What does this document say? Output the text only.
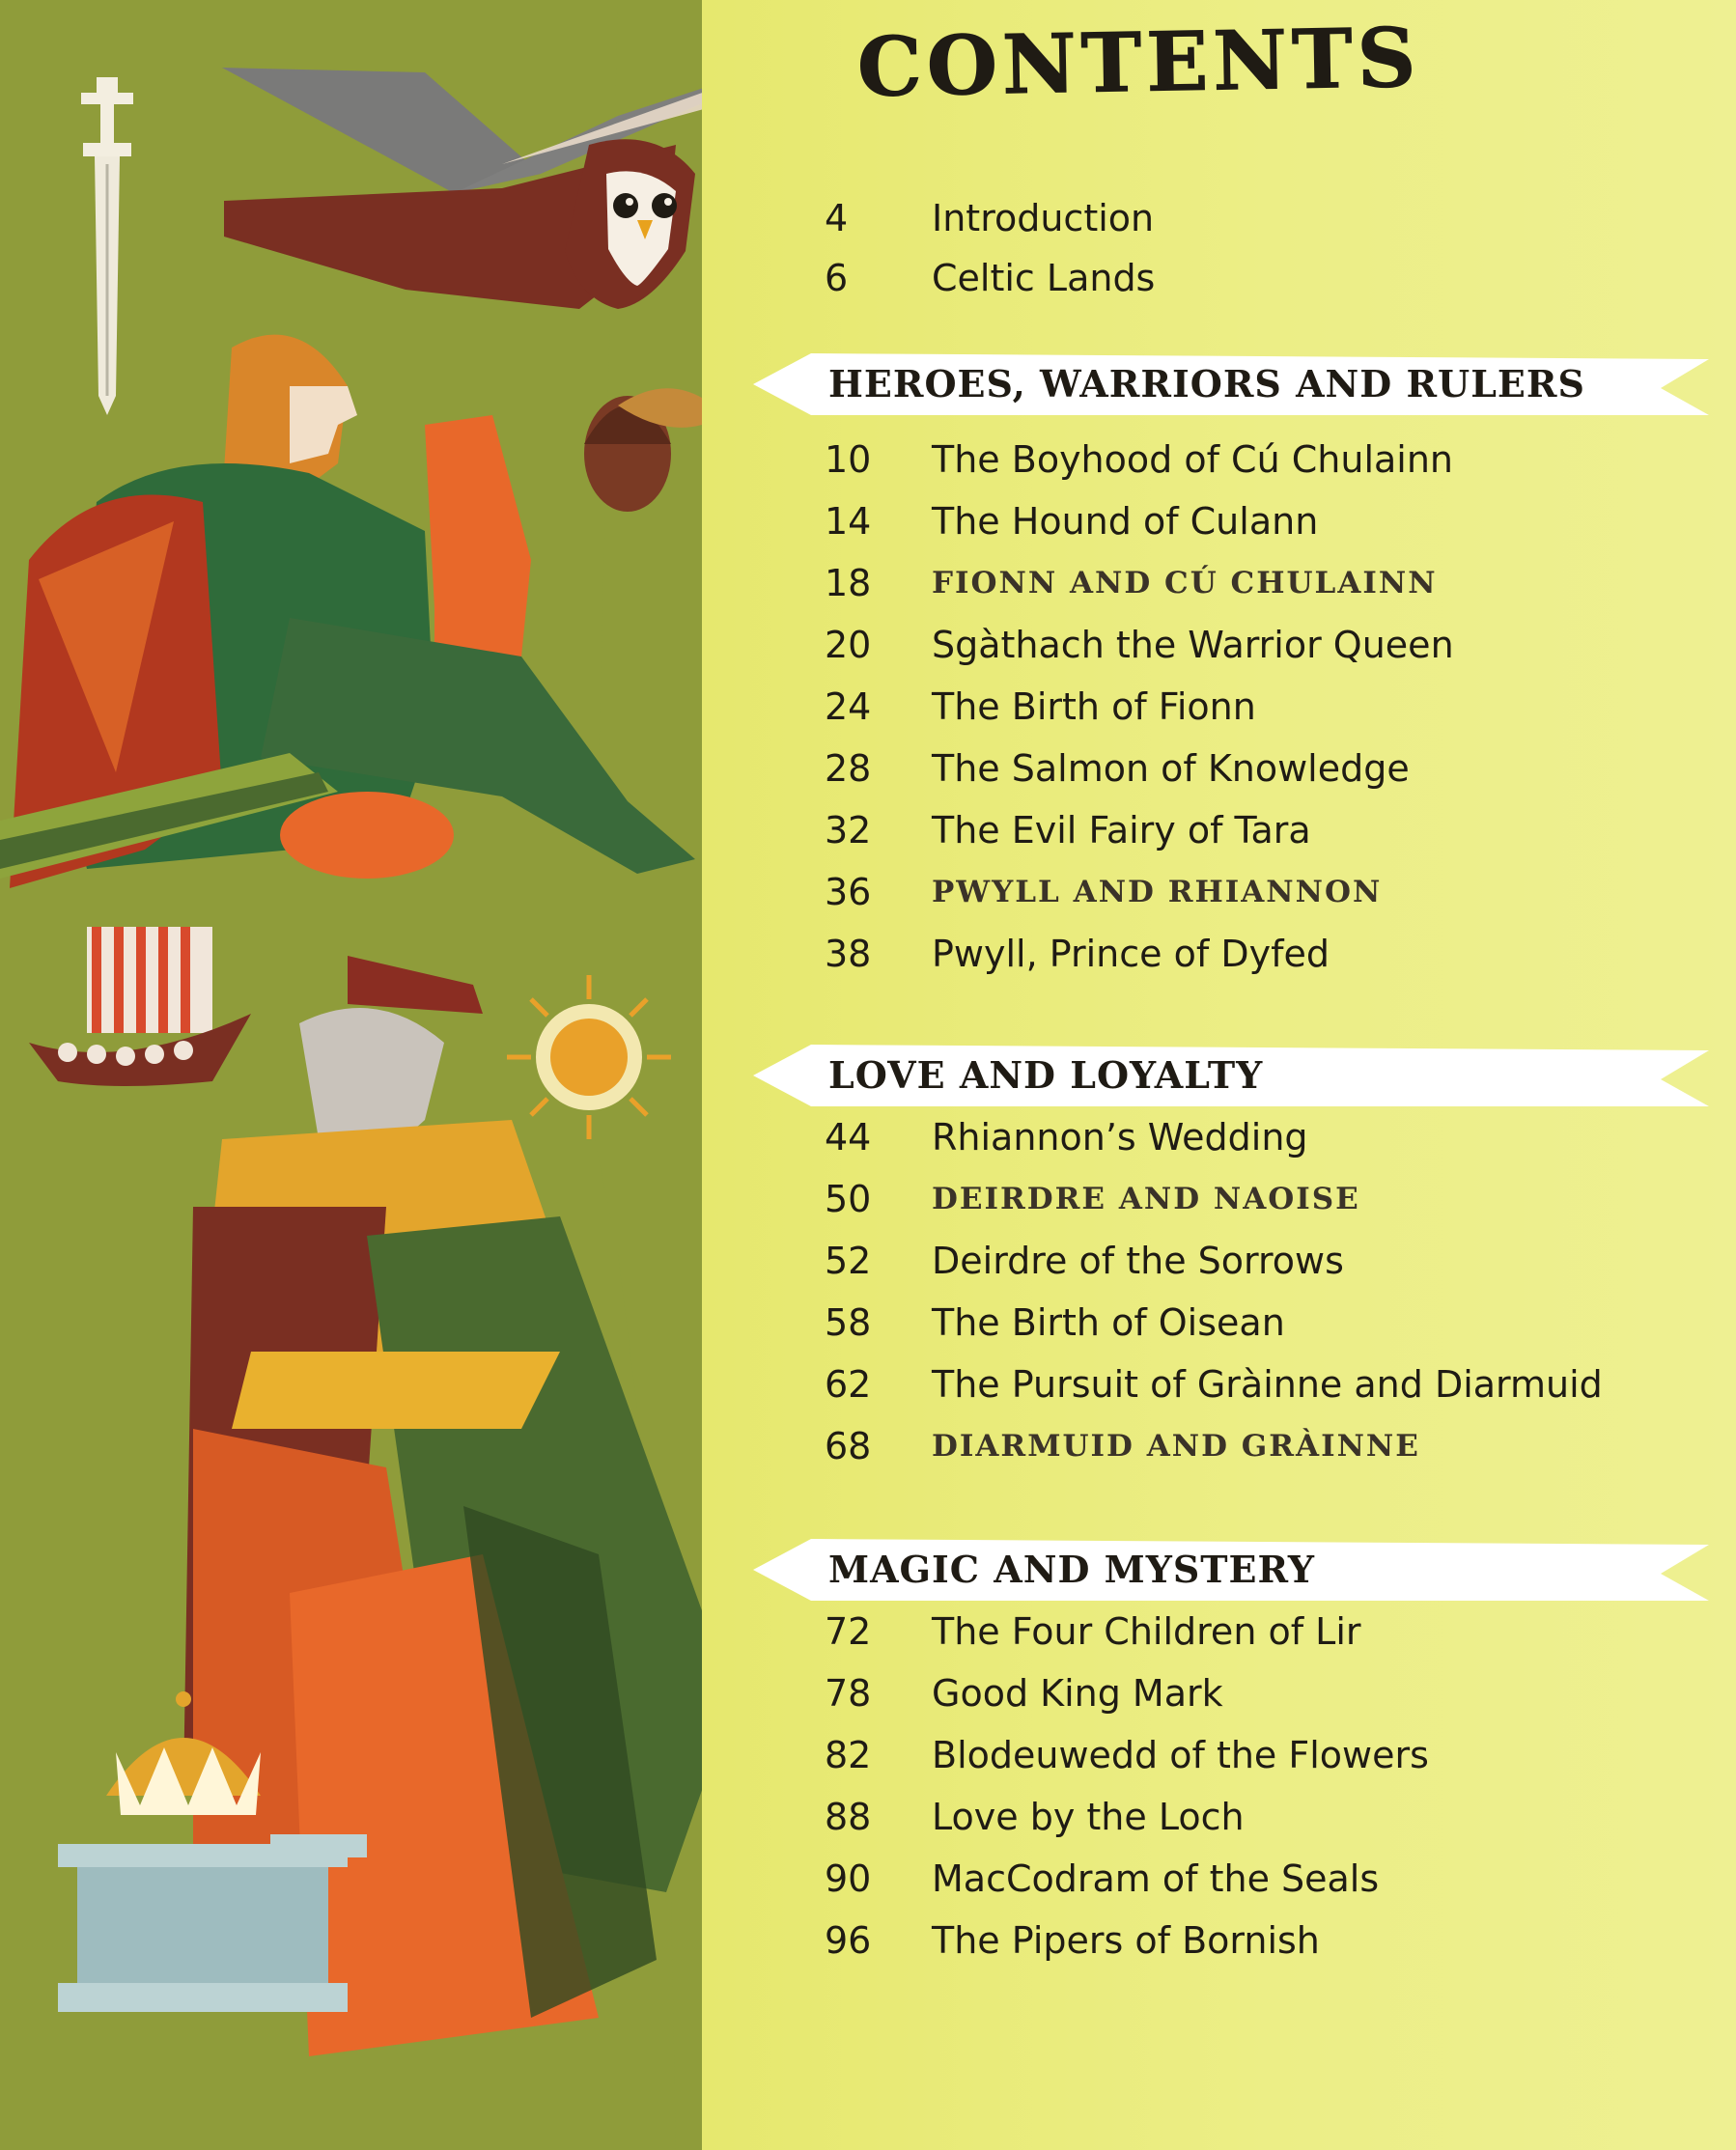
CONTENTS
4	Introduction
6	Celtic Lands
HEROES, WARRIORS AND RULERS
10	The Boyhood of Cú Chulainn
14	The Hound of Culann
18	FIONN AND CÚ CHULAINN
20	Sgàthach the Warrior Queen
24	The Birth of Fionn
28	The Salmon of Knowledge
32	The Evil Fairy of Tara
36	PWYLL AND RHIANNON
38	Pwyll, Prince of Dyfed
LOVE AND LOYALTY
44	Rhiannon’s Wedding
50	DEIRDRE AND NAOISE
52	Deirdre of the Sorrows
58	The Birth of Oisean
62	The Pursuit of Gràinne and Diarmuid
68	DIARMUID AND GRÀINNE
MAGIC AND MYSTERY
72	The Four Children of Lir
78	Good King Mark
82	Blodeuwedd of the Flowers
88	Love by the Loch
90	MacCodram of the Seals
96	The Pipers of Bornish
